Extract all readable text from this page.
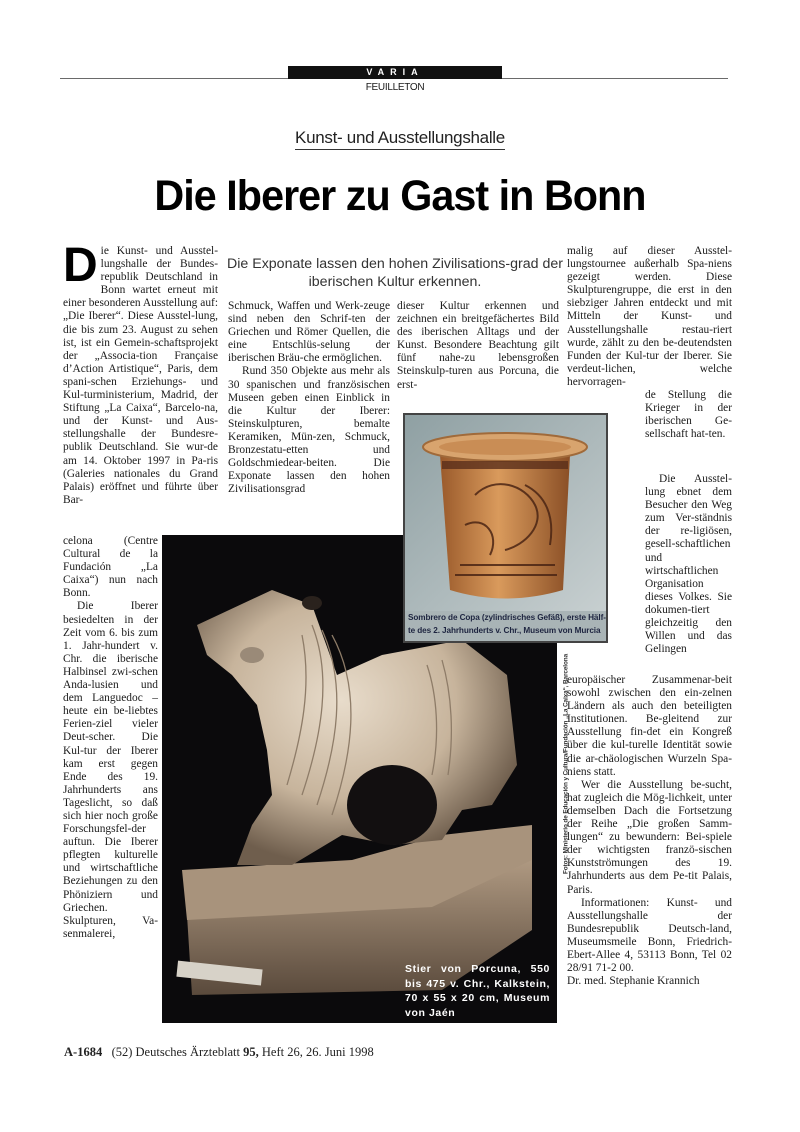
VARIA
FEUILLETON
Kunst- und Ausstellungshalle
Die Iberer zu Gast in Bonn
Die Exponate lassen den hohen Zivilisations-grad der iberischen Kultur erkennen.

Die Kunst- und Ausstel-lungshalle der Bundes-republik Deutschland in Bonn wartet erneut mit einer besonderen Ausstellung auf: „Die Iberer“. Diese Ausstel-lung, die bis zum 23. August zu sehen ist, ist ein Gemein-schaftsprojekt der „Associa-tion Française d’Action Artistique“, Paris, dem spani-schen Erziehungs- und Kul-turministerium, Madrid, der Stiftung „La Caixa“, Barcelo-na, und der Kunst- und Aus-stellungshalle der Bundesre-publik Deutschland. Sie wur-de am 14. Oktober 1997 in Pa-ris (Galeries nationales du Grand Palais) eröffnet und führte über Bar-

celona (Centre Cultural de la Fundación „La Caixa“) nun nach Bonn.

Die Iberer besiedelten in der Zeit vom 6. bis zum 1. Jahr-hundert v. Chr. die iberische Halbinsel zwi-schen Anda-lusien und dem Languedoc – heute ein be-liebtes Ferien-ziel vieler Deut-scher. Die Kul-tur der Iberer kam erst gegen Ende des 19. Jahrhunderts ans Tageslicht, so daß sich hier noch große Forschungsfel-der auftun. Die Iberer pflegten kulturelle und wirtschaftliche Beziehungen zu den Phöniziern und Griechen. Skulpturen, Va-senmalerei,

Schmuck, Waffen und Werk-zeuge sind neben den Schrif-ten der Griechen und Römer Quellen, die eine Entschlüs-selung der iberischen Bräu-che ermöglichen.

Rund 350 Objekte aus mehr als 30 spanischen und französischen Museen geben einen Einblick in die Kultur der Iberer: Steinskulpturen, bemalte Keramiken, Mün-zen, Schmuck, Bronzestatu-etten und Goldschmiedear-beiten. Die Exponate lassen den hohen Zivilisationsgrad

dieser Kultur erkennen und zeichnen ein breitgefächertes Bild des iberischen Alltags und der Kunst. Besondere Beachtung gilt fünf nahe-zu lebensgroßen Steinskulp-turen aus Porcuna, die erst-

malig auf dieser Ausstel-lungstournee außerhalb Spa-niens gezeigt werden. Diese Skulpturengruppe, die erst in den siebziger Jahren entdeckt und mit Mitteln der Kunst- und Ausstellungshalle restau-riert wurde, zählt zu den be-deutendsten Funden der Kul-tur der Iberer. Sie verdeut-lichen, welche hervorragen-

de Stellung die Krieger in der iberischen Ge-sellschaft hat-ten.

Die Ausstel-lung ebnet dem Besucher den Weg zum Ver-ständnis der re-ligiösen, gesell-schaftlichen und wirtschaftlichen Organisation dieses Volkes. Sie dokumen-tiert gleichzeitig den Willen und das Gelingen

europäischer Zusammenar-beit sowohl zwischen den ein-zelnen Ländern als auch den beteiligten Institutionen. Be-gleitend zur Ausstellung fin-det ein Kongreß über die kul-turelle Identität sowie die ar-chäologischen Wurzeln Spa-niens statt.

Wer die Ausstellung be-sucht, hat zugleich die Mög-lichkeit, unter demselben Dach die Fortsetzung der Reihe „Die großen Samm-lungen“ zu bewundern: Bei-spiele der wichtigsten franzö-sischen Kunstströmungen des 19. Jahrhunderts aus dem Pe-tit Palais, Paris.

Informationen: Kunst- und Ausstellungshalle der Bundesrepublik Deutsch-land, Museumsmeile Bonn, Friedrich-Ebert-Allee 4, 53113 Bonn, Tel 02 28/91 71-2 00.

Dr. med. Stephanie Krannich

Stier von Porcuna, 550 bis 475 v. Chr., Kalkstein, 70 x 55 x 20 cm, Museum von Jaén
Sombrero de Copa (zylindrisches Gefäß), erste Hälf-te des 2. Jahrhunderts v. Chr., Museum von Murcia
Fotos: Ministerio de Educación y Cultura/Fundación „La Caixa“, Barcelona
A-1684 (52) Deutsches Ärzteblatt 95, Heft 26, 26. Juni 1998
